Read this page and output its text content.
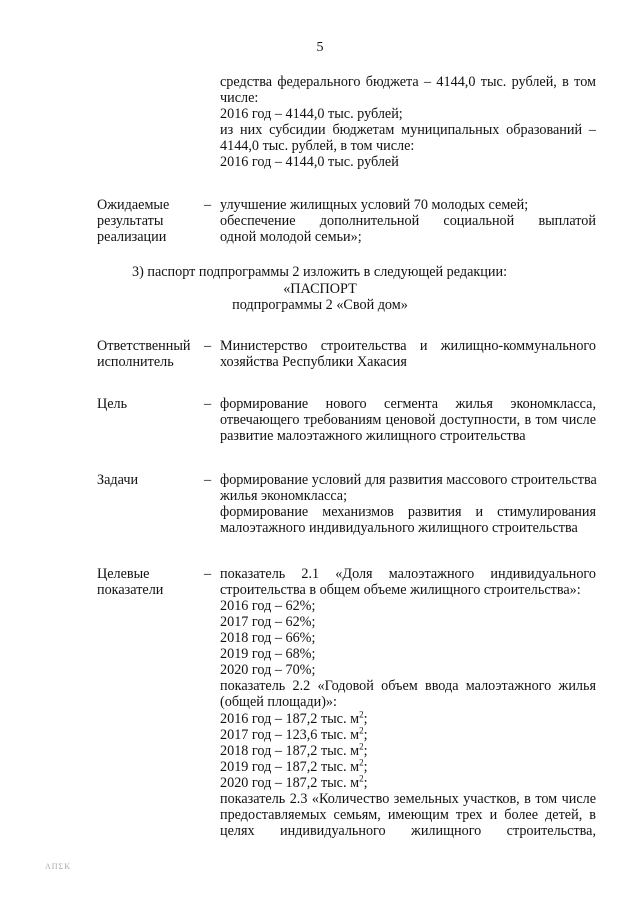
5
средства федерального бюджета – 4144,0 тыс. рублей, в том
числе:
2016 год – 4144,0 тыс. рублей;
из них субсидии бюджетам муниципальных образований –
4144,0 тыс. рублей, в том числе:
2016 год – 4144,0 тыс. рублей
Ожидаемые
результаты
реализации
– улучшение жилищных условий 70 молодых семей;
обеспечение дополнительной социальной выплатой
одной молодой семьи»;
3) паспорт подпрограммы 2 изложить в следующей редакции:
«ПАСПОРТ
подпрограммы 2 «Свой дом»
Ответственный
исполнитель
– Министерство строительства и жилищно-коммунального
хозяйства Республики Хакасия
Цель	– формирование нового сегмента жилья экономкласса,
отвечающего требованиям ценовой доступности, в том числе
развитие малоэтажного жилищного строительства
Задачи	– формирование условий для развития массового строительства
жилья экономкласса;
формирование механизмов развития и стимулирования
малоэтажного индивидуального жилищного строительства
Целевые
показатели
– показатель 2.1 «Доля малоэтажного индивидуального
строительства в общем объеме жилищного строительства»:
2016 год – 62%;
2017 год – 62%;
2018 год – 66%;
2019 год – 68%;
2020 год – 70%;
показатель 2.2 «Годовой объем ввода малоэтажного жилья
(общей площади)»:
2016 год – 187,2 тыс. $м^2$;
2017 год – 123,6 тыс. $м^2$;
2018 год – 187,2 тыс. $м^2$;
2019 год – 187,2 тыс. $м^2$;
2020 год – 187,2 тыс. $м^2$;
показатель 2.3 «Количество земельных участков, в том числе
предоставляемых семьям, имеющим трех и более детей, в
целях индивидуального жилищного строительства,
ΑΠΣΚ
